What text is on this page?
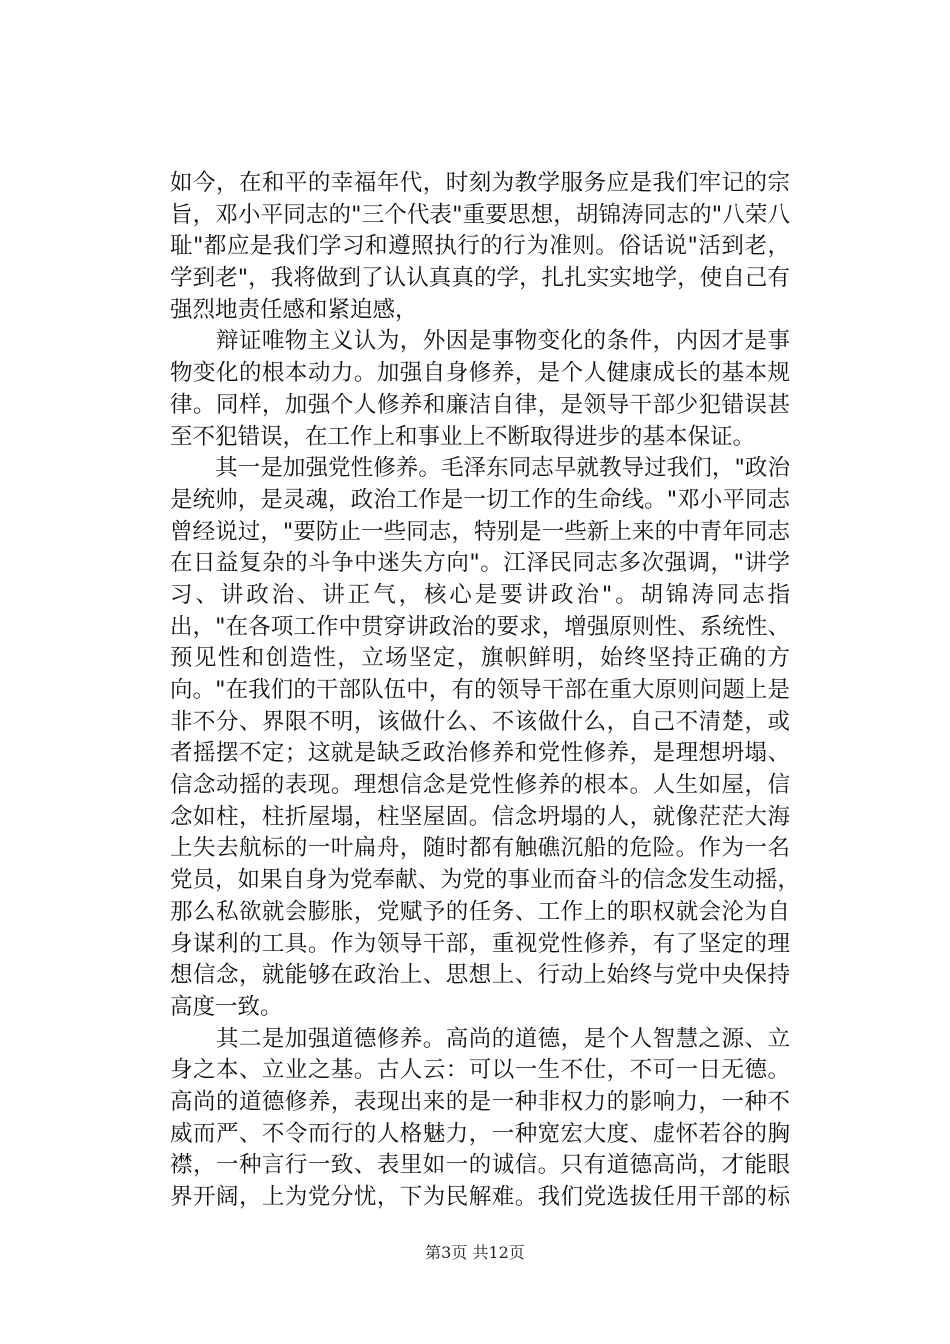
如今，在和平的幸福年代，时刻为教学服务应是我们牢记的宗
旨，邓小平同志的"三个代表"重要思想，胡锦涛同志的"八荣八
耻"都应是我们学习和遵照执行的行为准则。俗话说"活到老，
学到老"，我将做到了认认真真的学，扎扎实实地学，使自己有
强烈地责任感和紧迫感，
　　辩证唯物主义认为，外因是事物变化的条件，内因才是事
物变化的根本动力。加强自身修养，是个人健康成长的基本规
律。同样，加强个人修养和廉洁自律，是领导干部少犯错误甚
至不犯错误，在工作上和事业上不断取得进步的基本保证。
　　其一是加强党性修养。毛泽东同志早就教导过我们，"政治
是统帅，是灵魂，政治工作是一切工作的生命线。"邓小平同志
曾经说过，"要防止一些同志，特别是一些新上来的中青年同志
在日益复杂的斗争中迷失方向"。江泽民同志多次强调，"讲学
习、讲政治、讲正气，核心是要讲政治"。胡锦涛同志指
出，"在各项工作中贯穿讲政治的要求，增强原则性、系统性、
预见性和创造性，立场坚定，旗帜鲜明，始终坚持正确的方
向。"在我们的干部队伍中，有的领导干部在重大原则问题上是
非不分、界限不明，该做什么、不该做什么，自己不清楚，或
者摇摆不定；这就是缺乏政治修养和党性修养，是理想坍塌、
信念动摇的表现。理想信念是党性修养的根本。人生如屋，信
念如柱，柱折屋塌，柱坚屋固。信念坍塌的人，就像茫茫大海
上失去航标的一叶扁舟，随时都有触礁沉船的危险。作为一名
党员，如果自身为党奉献、为党的事业而奋斗的信念发生动摇，
那么私欲就会膨胀，党赋予的任务、工作上的职权就会沦为自
身谋利的工具。作为领导干部，重视党性修养，有了坚定的理
想信念，就能够在政治上、思想上、行动上始终与党中央保持
高度一致。
　　其二是加强道德修养。高尚的道德，是个人智慧之源、立
身之本、立业之基。古人云：可以一生不仕，不可一日无德。
高尚的道德修养，表现出来的是一种非权力的影响力，一种不
威而严、不令而行的人格魅力，一种宽宏大度、虚怀若谷的胸
襟，一种言行一致、表里如一的诚信。只有道德高尚，才能眼
界开阔，上为党分忧，下为民解难。我们党选拔任用干部的标
第3页 共12页
